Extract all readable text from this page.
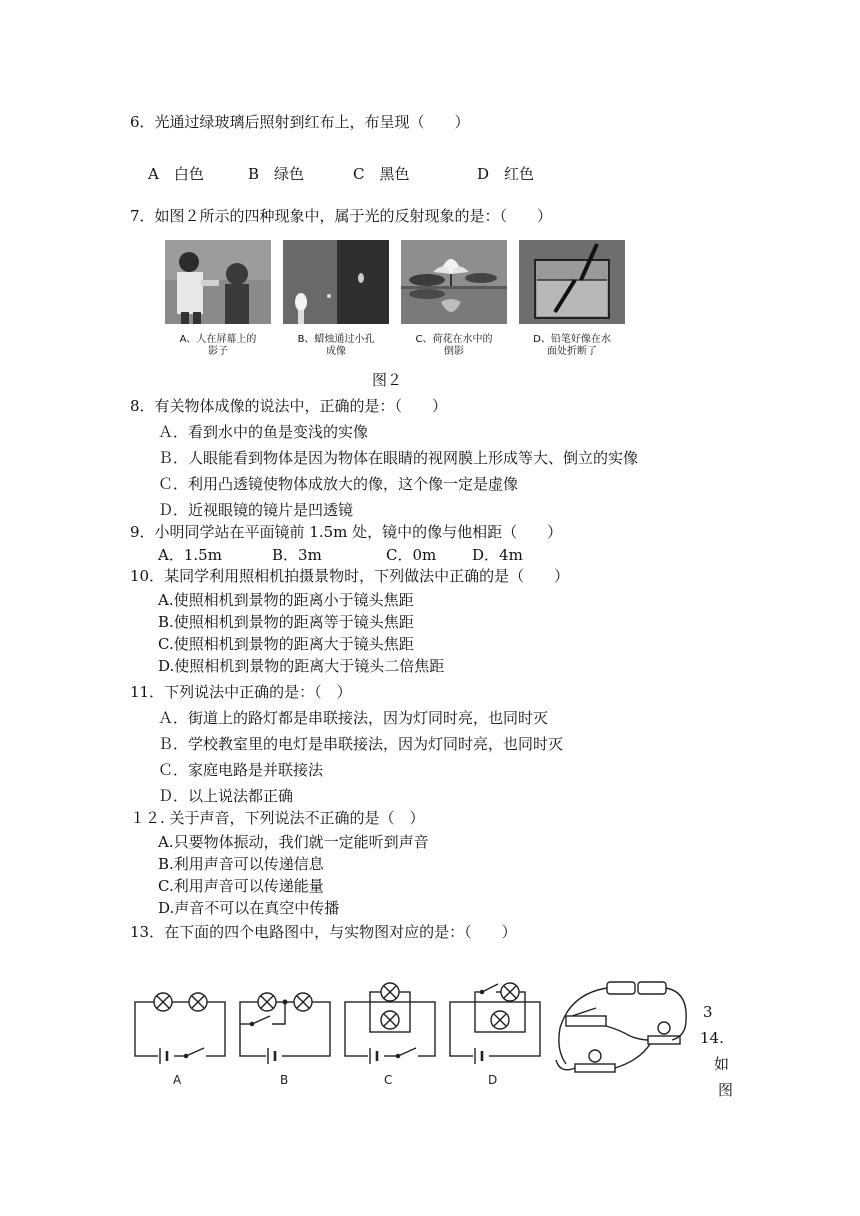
6．光通过绿玻璃后照射到红布上，布呈现（　　）
A　白色	B　绿色	C　黑色	D　红色
7．如图２所示的四种现象中，属于光的反射现象的是：（　　）
A、人在屏幕上的
影子
B、蜡烛通过小孔
成像
C、荷花在水中的
倒影
D、铅笔好像在水
面处折断了
图２
8．有关物体成像的说法中，正确的是：（　　）
Ａ．看到水中的鱼是变浅的实像
Ｂ．人眼能看到物体是因为物体在眼睛的视网膜上形成等大、倒立的实像
Ｃ．利用凸透镜使物体成放大的像，这个像一定是虚像
Ｄ．近视眼镜的镜片是凹透镜
9．小明同学站在平面镜前 1.5m 处，镜中的像与他相距（　　）
A．1.5m	B．3m	C．0m D．4m
10．某同学利用照相机拍摄景物时，下列做法中正确的是（　　）
A.使照相机到景物的距离小于镜头焦距
B.使照相机到景物的距离等于镜头焦距
C.使照相机到景物的距离大于镜头焦距
D.使照相机到景物的距离大于镜头二倍焦距
11．下列说法中正确的是：（　）
Ａ．街道上的路灯都是串联接法，因为灯同时亮，也同时灭
Ｂ．学校教室里的电灯是串联接法，因为灯同时亮，也同时灭
Ｃ．家庭电路是并联接法
Ｄ．以上说法都正确
１２. 关于声音，下列说法不正确的是（　）
A.只要物体振动，我们就一定能听到声音
B.利用声音可以传递信息
C.利用声音可以传递能量
D.声音不可以在真空中传播
13．在下面的四个电路图中，与实物图对应的是：（　　）
A	B	C	D
3
14.
如
图
